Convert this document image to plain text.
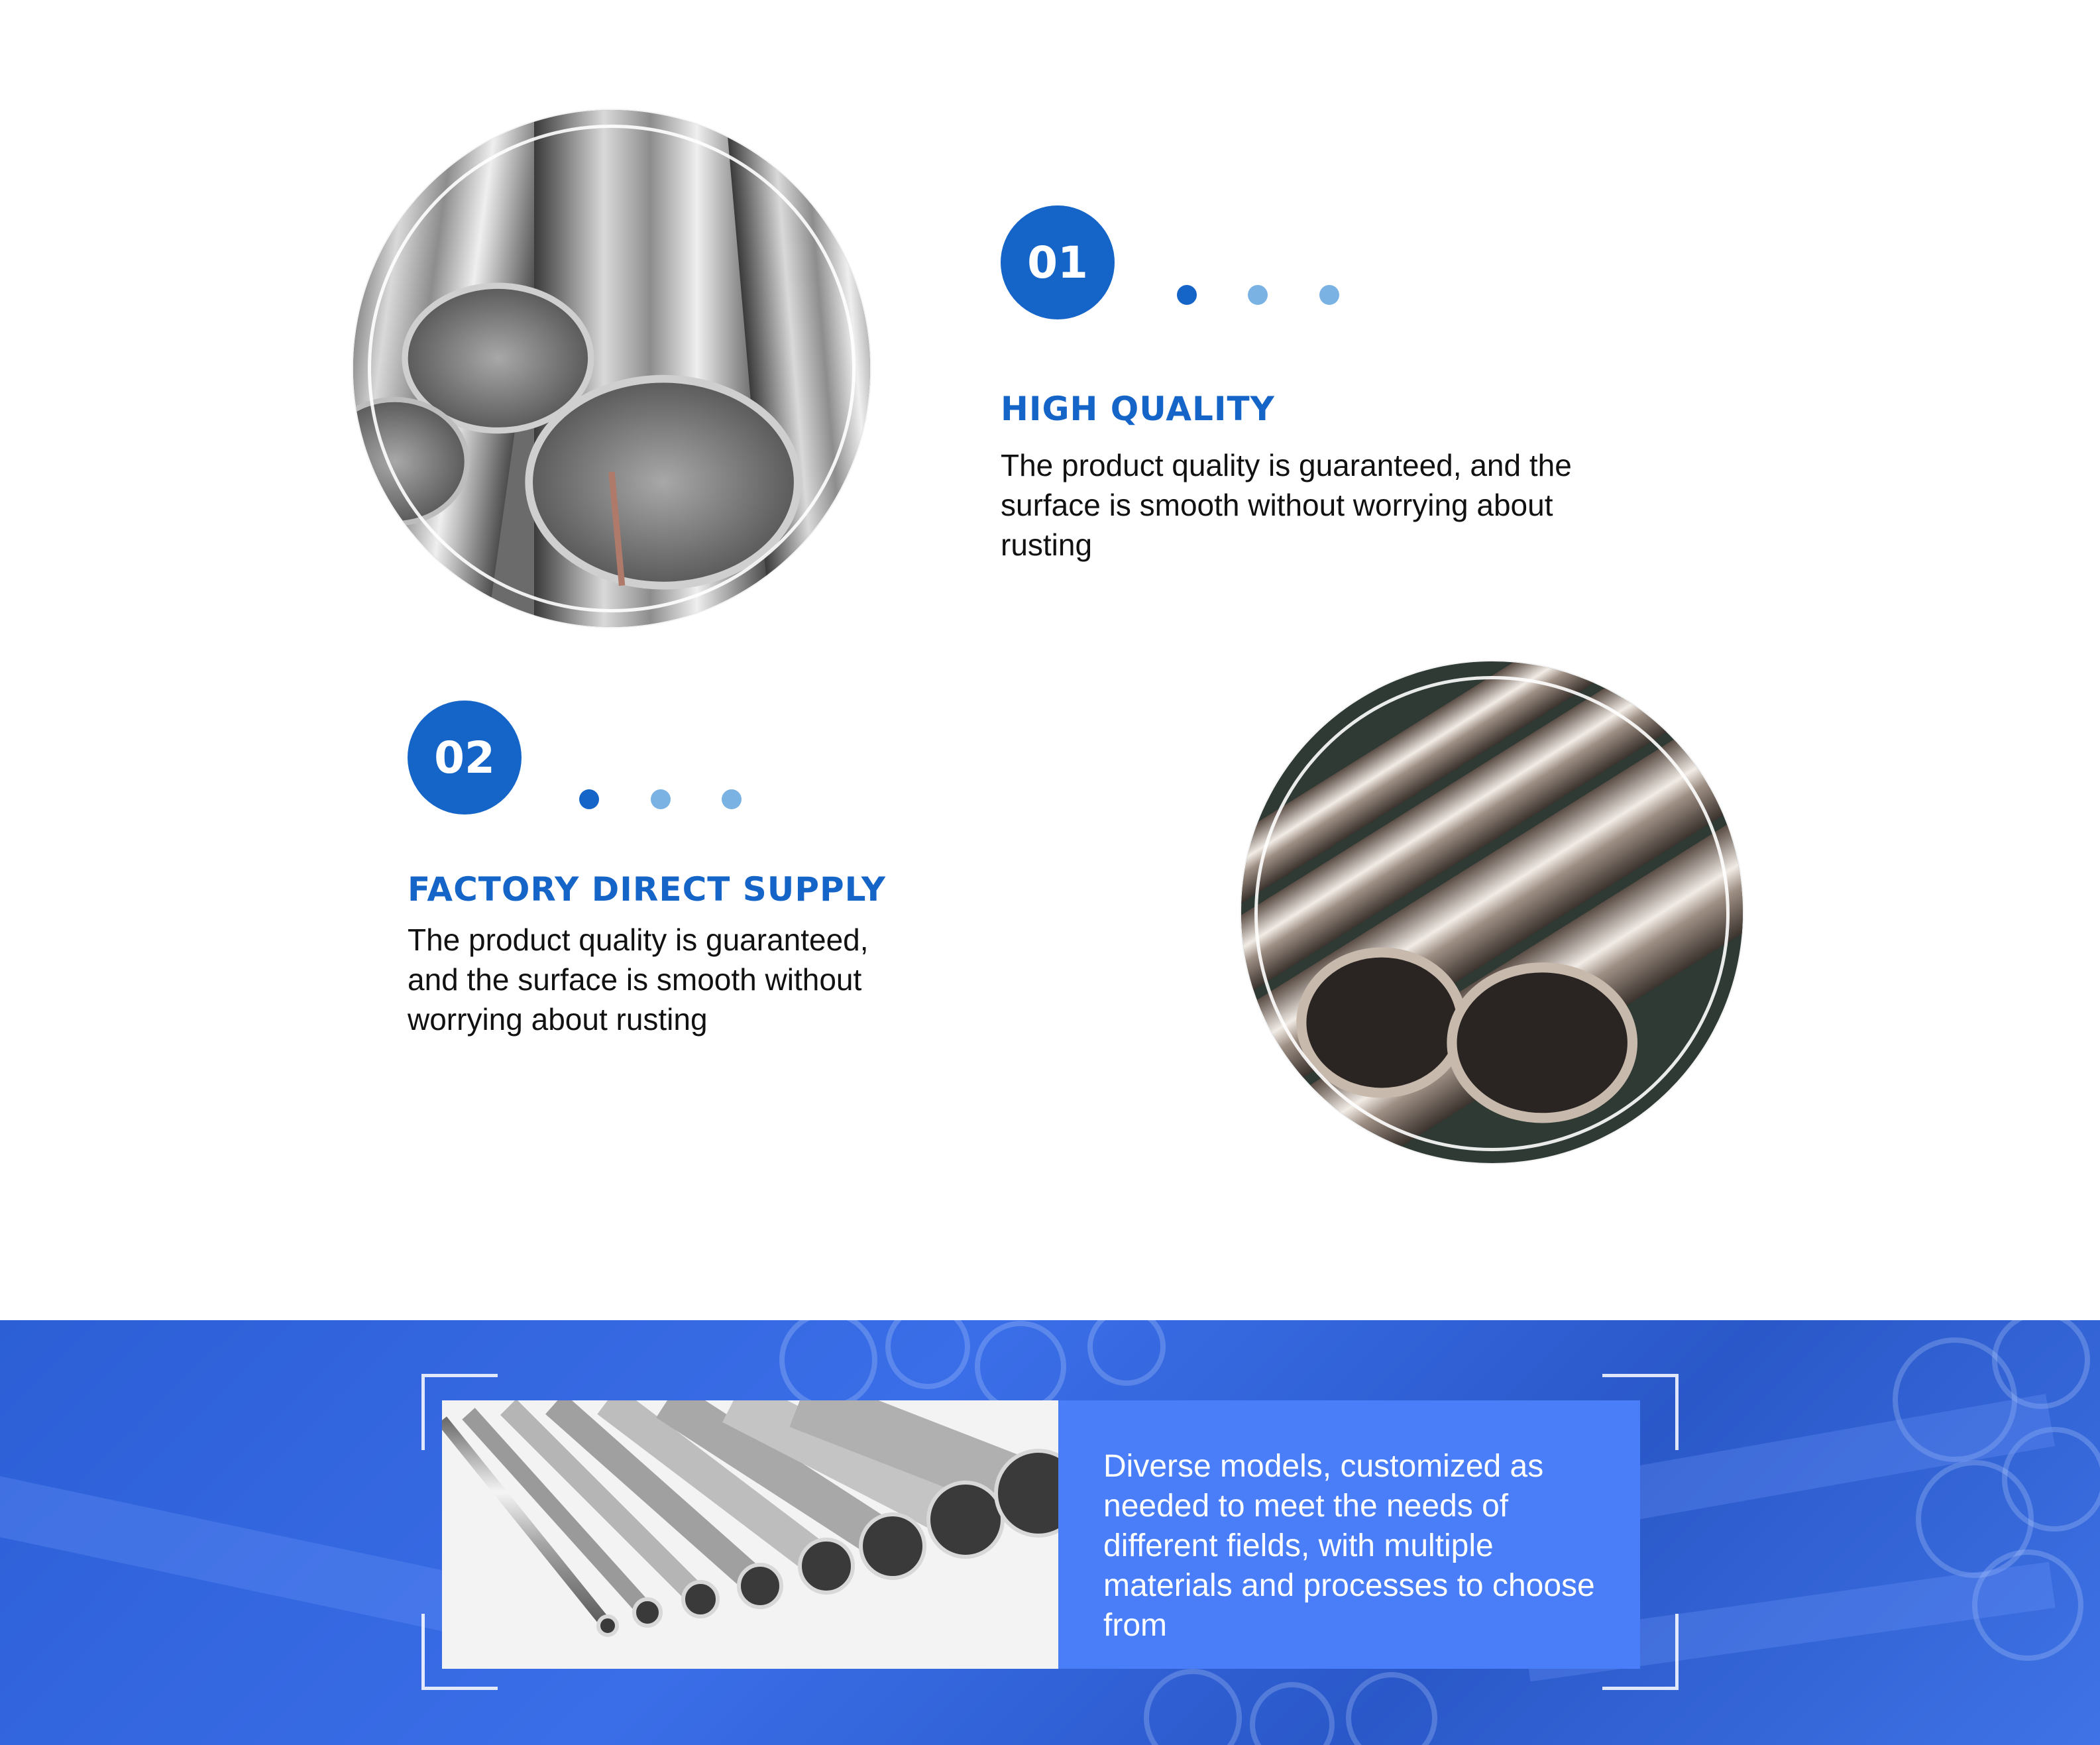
01
HIGH QUALITY
The product quality is guaranteed, and the surface is smooth without worrying about rusting
02
FACTORY DIRECT SUPPLY
The product quality is guaranteed, and the surface is smooth without worrying about rusting

Diverse models, customized as needed to meet the needs of different fields, with multiple materials and processes to choose from
